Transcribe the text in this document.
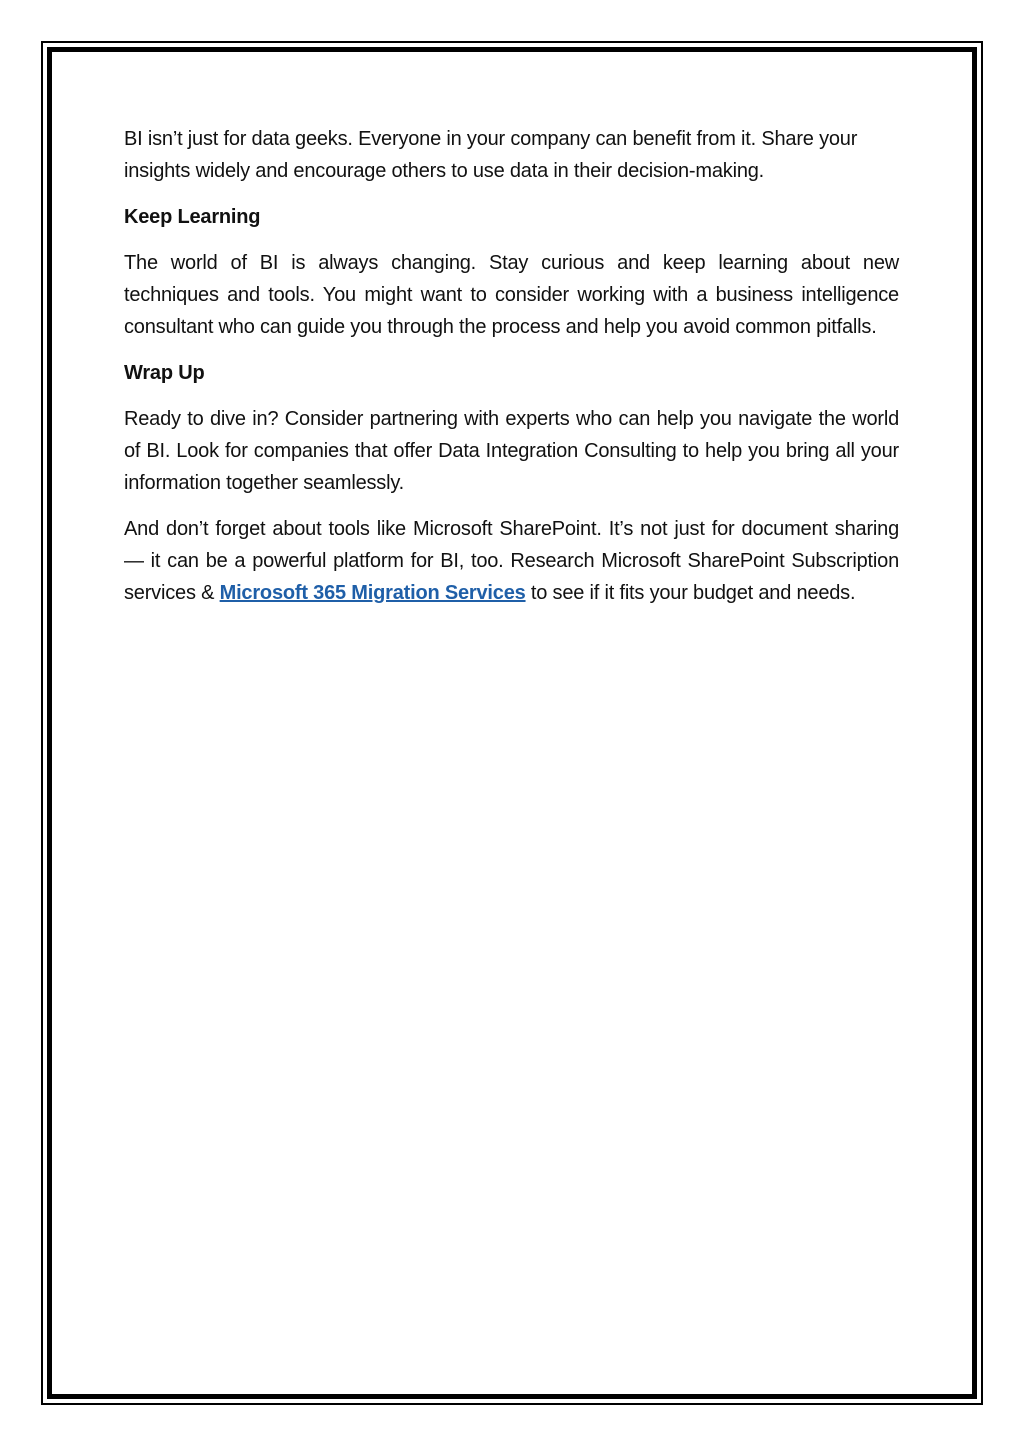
BI isn’t just for data geeks. Everyone in your company can benefit from it. Share your insights widely and encourage others to use data in their decision-making.

Keep Learning

The world of BI is always changing. Stay curious and keep learning about new techniques and tools. You might want to consider working with a business intelligence consultant who can guide you through the process and help you avoid common pitfalls.

Wrap Up

Ready to dive in? Consider partnering with experts who can help you navigate the world of BI. Look for companies that offer Data Integration Consulting to help you bring all your information together seamlessly.

And don’t forget about tools like Microsoft SharePoint. It’s not just for document sharing — it can be a powerful platform for BI, too. Research Microsoft SharePoint Subscription services & Microsoft 365 Migration Services to see if it fits your budget and needs.
